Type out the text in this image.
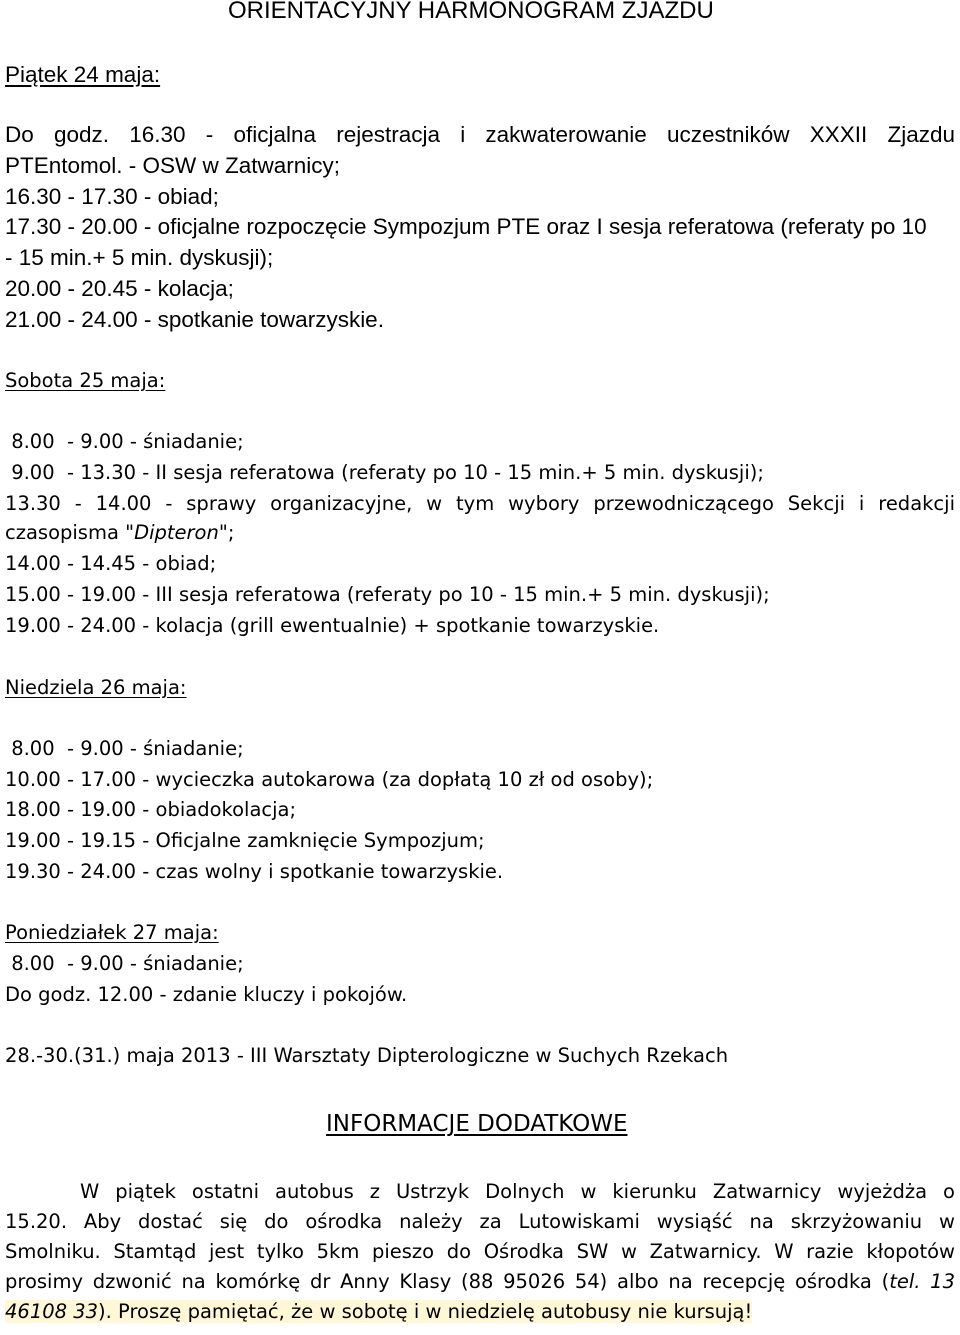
ORIENTACYJNY HARMONOGRAM ZJAZDU
Piątek 24 maja:
Do godz. 16.30 - oficjalna rejestracja i zakwaterowanie uczestników XXXII Zjazdu
PTEntomol. - OSW w Zatwarnicy;
16.30 - 17.30 - obiad;
17.30 - 20.00 - oficjalne rozpoczęcie Sympozjum PTE oraz I sesja referatowa (referaty po 10
- 15 min.+ 5 min. dyskusji);
20.00 - 20.45 - kolacja;
21.00 - 24.00 - spotkanie towarzyskie.
Sobota 25 maja:
8.00  - 9.00 - śniadanie;
9.00  - 13.30 - II sesja referatowa (referaty po 10 - 15 min.+ 5 min. dyskusji);
13.30 - 14.00 - sprawy organizacyjne, w tym wybory przewodniczącego Sekcji i redakcji
czasopisma "Dipteron";
14.00 - 14.45 - obiad;
15.00 - 19.00 - III sesja referatowa (referaty po 10 - 15 min.+ 5 min. dyskusji);
19.00 - 24.00 - kolacja (grill ewentualnie) + spotkanie towarzyskie.
Niedziela 26 maja:
8.00  - 9.00 - śniadanie;
10.00 - 17.00 - wycieczka autokarowa (za dopłatą 10 zł od osoby);
18.00 - 19.00 - obiadokolacja;
19.00 - 19.15 - Oficjalne zamknięcie Sympozjum;
19.30 - 24.00 - czas wolny i spotkanie towarzyskie.
Poniedziałek 27 maja:
8.00  - 9.00 - śniadanie;
Do godz. 12.00 - zdanie kluczy i pokojów.
28.-30.(31.) maja 2013 - III Warsztaty Dipterologiczne w Suchych Rzekach
INFORMACJE DODATKOWE
W piątek ostatni autobus z Ustrzyk Dolnych w kierunku Zatwarnicy wyjeżdża o
15.20. Aby dostać się do ośrodka należy za Lutowiskami wysiąść na skrzyżowaniu w
Smolniku. Stamtąd jest tylko 5km pieszo do Ośrodka SW w Zatwarnicy. W razie kłopotów
prosimy dzwonić na komórkę dr Anny Klasy (88 95026 54) albo na recepcję ośrodka (tel. 13
46108 33). Proszę pamiętać, że w sobotę i w niedzielę autobusy nie kursują!
